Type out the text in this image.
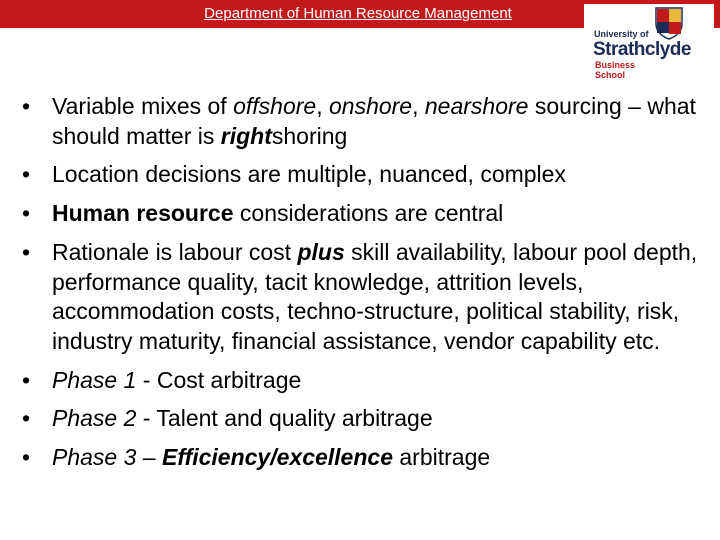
Department of Human Resource Management
University of
Strathclyde
Business
School
• Variable mixes of offshore, onshore, nearshore sourcing – what should matter is rightshoring
• Location decisions are multiple, nuanced, complex
• Human resource considerations are central
• Rationale is labour cost plus skill availability, labour pool depth, performance quality, tacit knowledge, attrition levels, accommodation costs, techno-structure, political stability, risk, industry maturity, financial assistance, vendor capability etc.
• Phase 1 - Cost arbitrage
• Phase 2 - Talent and quality arbitrage
• Phase 3 – Efficiency/excellence arbitrage
